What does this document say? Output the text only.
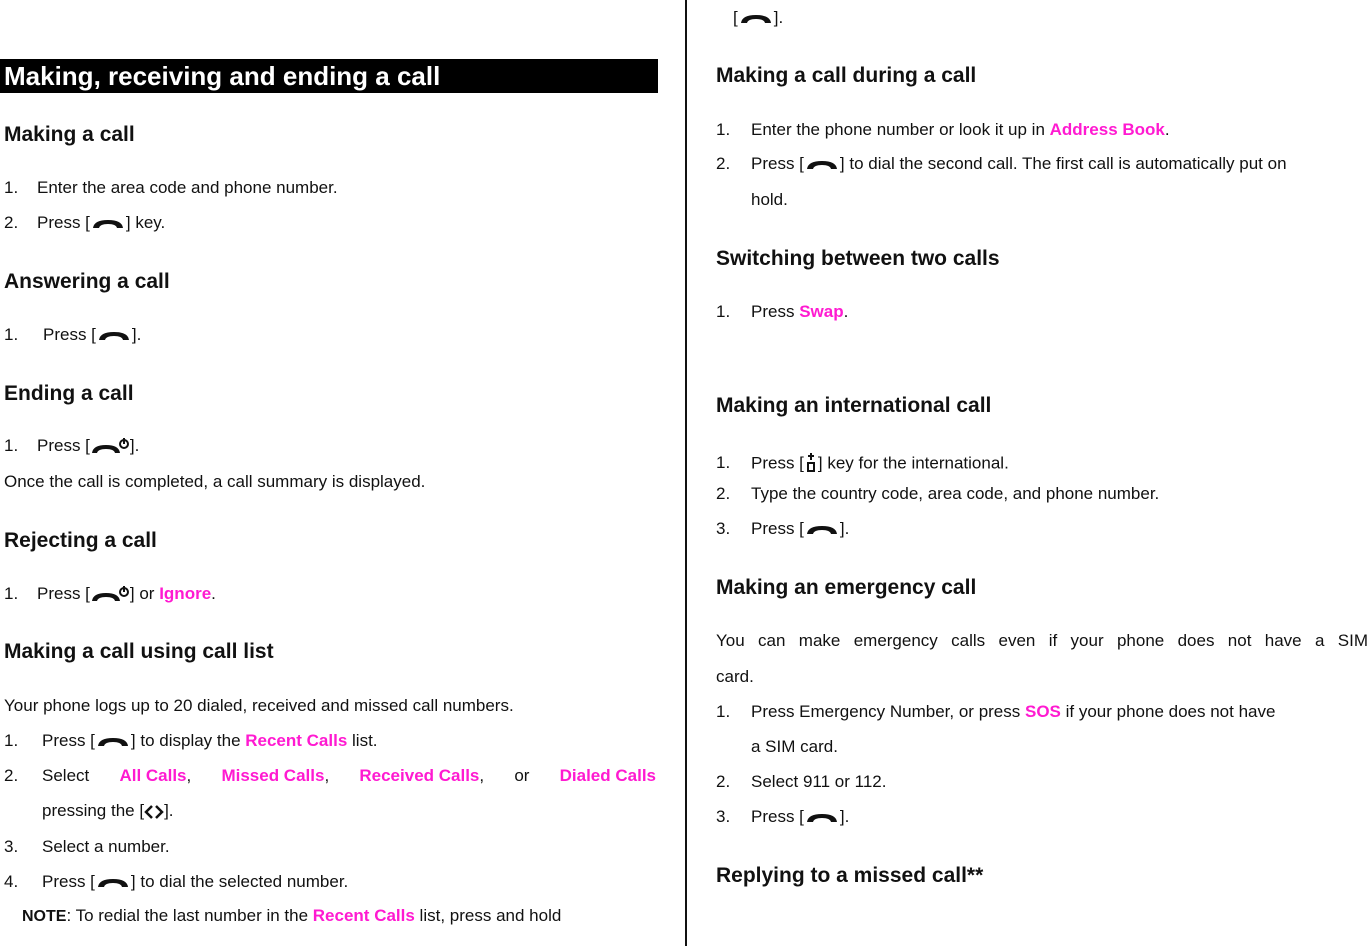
Making, receiving and ending a call
Making a call
1. Enter the area code and phone number.
2. Press [ ] key.
Answering a call
1. Press [ ].
Ending a call
1. Press [ ].
Once the call is completed, a call summary is displayed.
Rejecting a call
1. Press [ ] or Ignore.
Making a call using call list
Your phone logs up to 20 dialed, received and missed call numbers.
1. Press [ ] to display the Recent Calls list.
2. Select All Calls, Missed Calls, Received Calls, or Dialed Calls
pressing the [ ].
3. Select a number.
4. Press [ ] to dial the selected number.
NOTE: To redial the last number in the Recent Calls list, press and hold
[ ].
Making a call during a call
1. Enter the phone number or look it up in Address Book.
2. Press [ ] to dial the second call. The first call is automatically put on
hold.
Switching between two calls
1. Press Swap.
Making an international call
1. Press [ ] key for the international.
2. Type the country code, area code, and phone number.
3. Press [ ].
Making an emergency call
You can make emergency calls even if your phone does not have a SIM
card.
1. Press Emergency Number, or press SOS if your phone does not have
a SIM card.
2. Select 911 or 112.
3. Press [ ].
Replying to a missed call**
